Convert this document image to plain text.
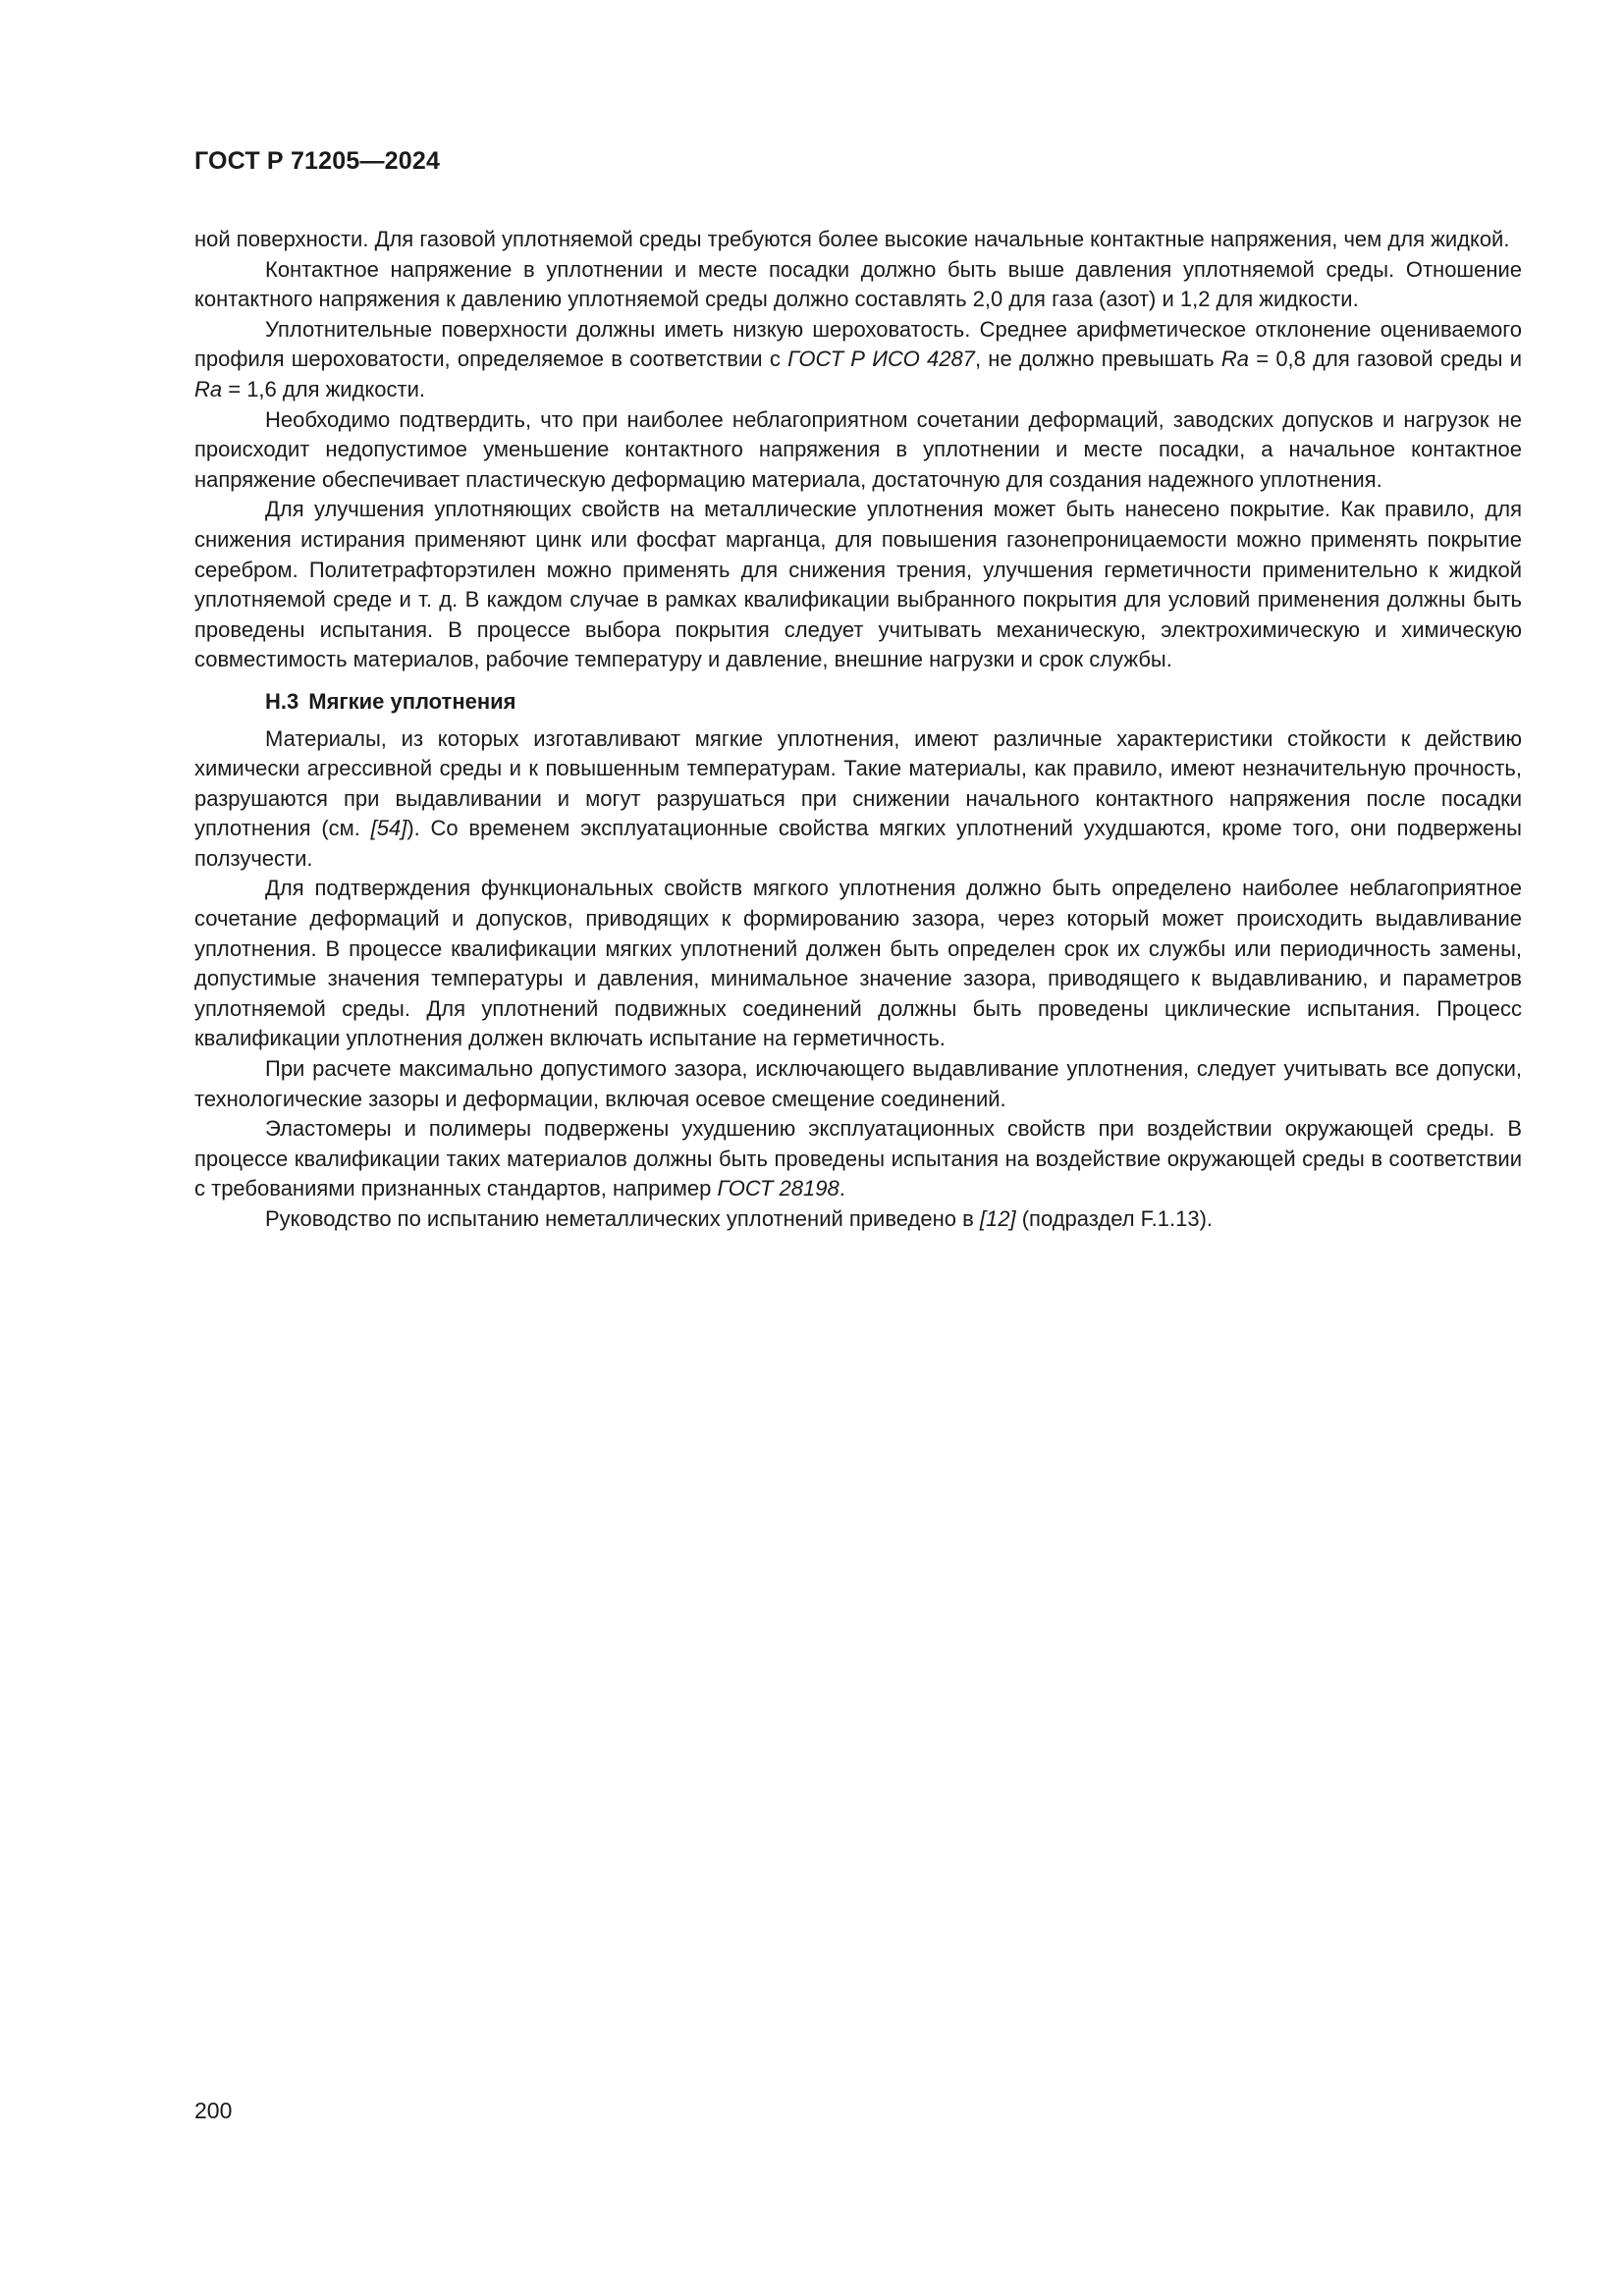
ГОСТ Р 71205—2024

ной поверхности. Для газовой уплотняемой среды требуются более высокие начальные контактные напряжения, чем для жидкой.

Контактное напряжение в уплотнении и месте посадки должно быть выше давления уплотняемой среды. Отношение контактного напряжения к давлению уплотняемой среды должно составлять 2,0 для газа (азот) и 1,2 для жидкости.

Уплотнительные поверхности должны иметь низкую шероховатость. Среднее арифметическое отклонение оцениваемого профиля шероховатости, определяемое в соответствии с ГОСТ Р ИСО 4287, не должно превышать Ra = 0,8 для газовой среды и Ra = 1,6 для жидкости.

Необходимо подтвердить, что при наиболее неблагоприятном сочетании деформаций, заводских допусков и нагрузок не происходит недопустимое уменьшение контактного напряжения в уплотнении и месте посадки, а начальное контактное напряжение обеспечивает пластическую деформацию материала, достаточную для создания надежного уплотнения.

Для улучшения уплотняющих свойств на металлические уплотнения может быть нанесено покрытие. Как правило, для снижения истирания применяют цинк или фосфат марганца, для повышения газонепроницаемости можно применять покрытие серебром. Политетрафторэтилен можно применять для снижения трения, улучшения герметичности применительно к жидкой уплотняемой среде и т. д. В каждом случае в рамках квалификации выбранного покрытия для условий применения должны быть проведены испытания. В процессе выбора покрытия следует учитывать механическую, электрохимическую и химическую совместимость материалов, рабочие температуру и давление, внешние нагрузки и срок службы.

Н.3 Мягкие уплотнения

Материалы, из которых изготавливают мягкие уплотнения, имеют различные характеристики стойкости к действию химически агрессивной среды и к повышенным температурам. Такие материалы, как правило, имеют незначительную прочность, разрушаются при выдавливании и могут разрушаться при снижении начального контактного напряжения после посадки уплотнения (см. [54]). Со временем эксплуатационные свойства мягких уплотнений ухудшаются, кроме того, они подвержены ползучести.

Для подтверждения функциональных свойств мягкого уплотнения должно быть определено наиболее неблагоприятное сочетание деформаций и допусков, приводящих к формированию зазора, через который может происходить выдавливание уплотнения. В процессе квалификации мягких уплотнений должен быть определен срок их службы или периодичность замены, допустимые значения температуры и давления, минимальное значение зазора, приводящего к выдавливанию, и параметров уплотняемой среды. Для уплотнений подвижных соединений должны быть проведены циклические испытания. Процесс квалификации уплотнения должен включать испытание на герметичность.

При расчете максимально допустимого зазора, исключающего выдавливание уплотнения, следует учитывать все допуски, технологические зазоры и деформации, включая осевое смещение соединений.

Эластомеры и полимеры подвержены ухудшению эксплуатационных свойств при воздействии окружающей среды. В процессе квалификации таких материалов должны быть проведены испытания на воздействие окружающей среды в соответствии с требованиями признанных стандартов, например ГОСТ 28198.

Руководство по испытанию неметаллических уплотнений приведено в [12] (подраздел F.1.13).

200
